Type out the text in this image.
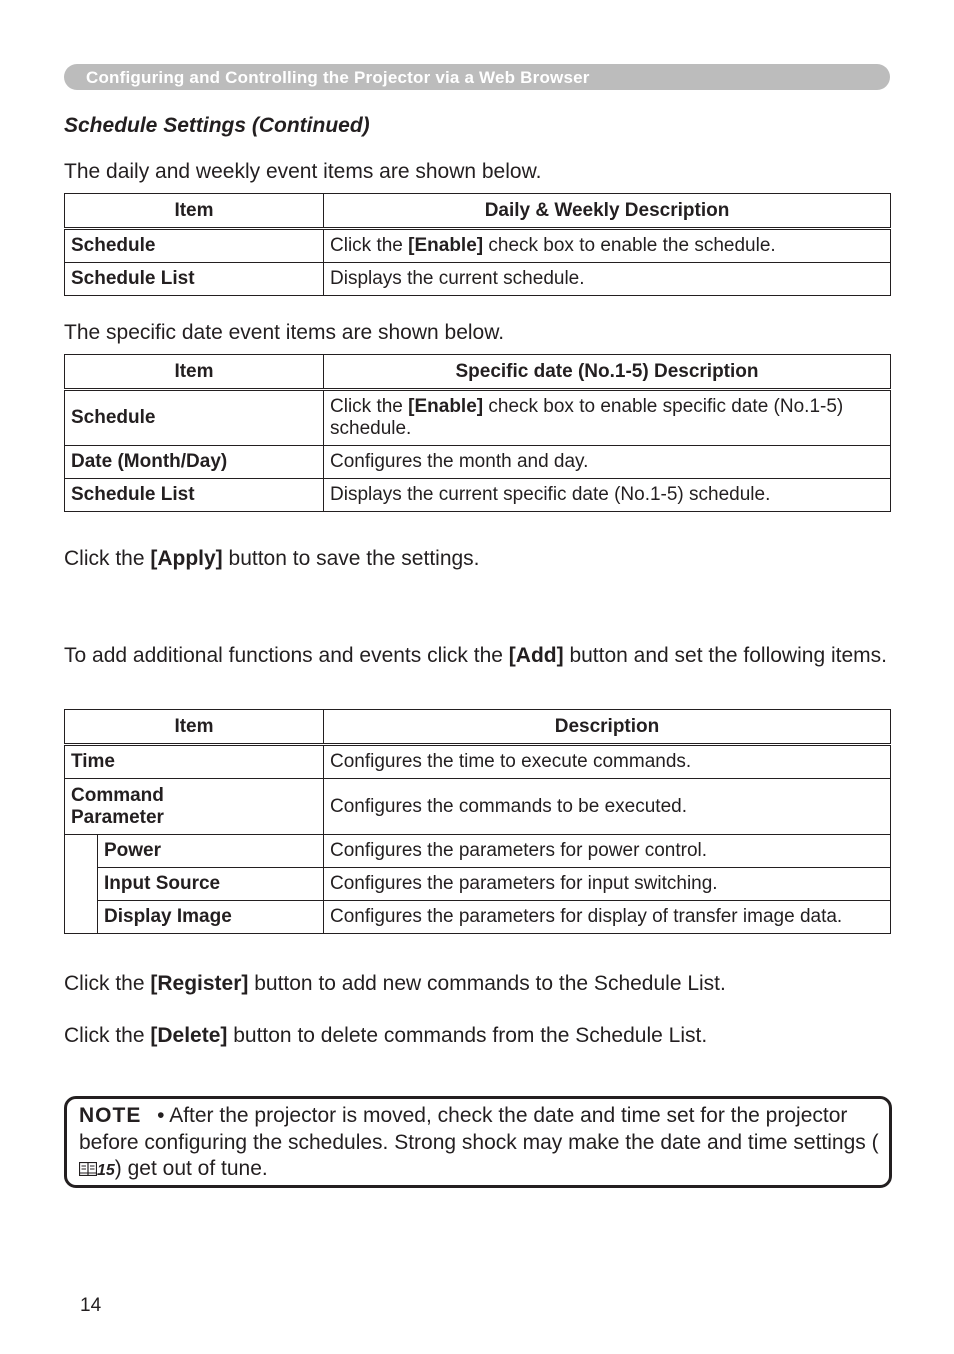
Configuring and Controlling the Projector via a Web Browser
Schedule Settings (Continued)
The daily and weekly event items are shown below.
Item	Daily & Weekly Description
Schedule	Click the [Enable] check box to enable the schedule.
Schedule List	Displays the current schedule.
The specific date event items are shown below.
Item	Specific date (No.1-5) Description
Schedule	Click the [Enable] check box to enable specific date (No.1-5) schedule.
Date (Month/Day)	Configures the month and day.
Schedule List	Displays the current specific date (No.1-5) schedule.
Click the [Apply] button to save the settings.
To add additional functions and events click the [Add] button and set the following items.
Item		Description
Time		Configures the time to execute commands.

Command Parameter		Configures the commands to be executed.
	Power	Configures the parameters for power control.
	Input Source	Configures the parameters for input switching.
	Display Image	Configures the parameters for display of transfer image data.
Click the [Register] button to add new commands to the Schedule List.
Click the [Delete] button to delete commands from the Schedule List.
NOTE • After the projector is moved, check the date and time set for the projector before configuring the schedules. Strong shock may make the date and time settings (
15) get out of tune.
14
